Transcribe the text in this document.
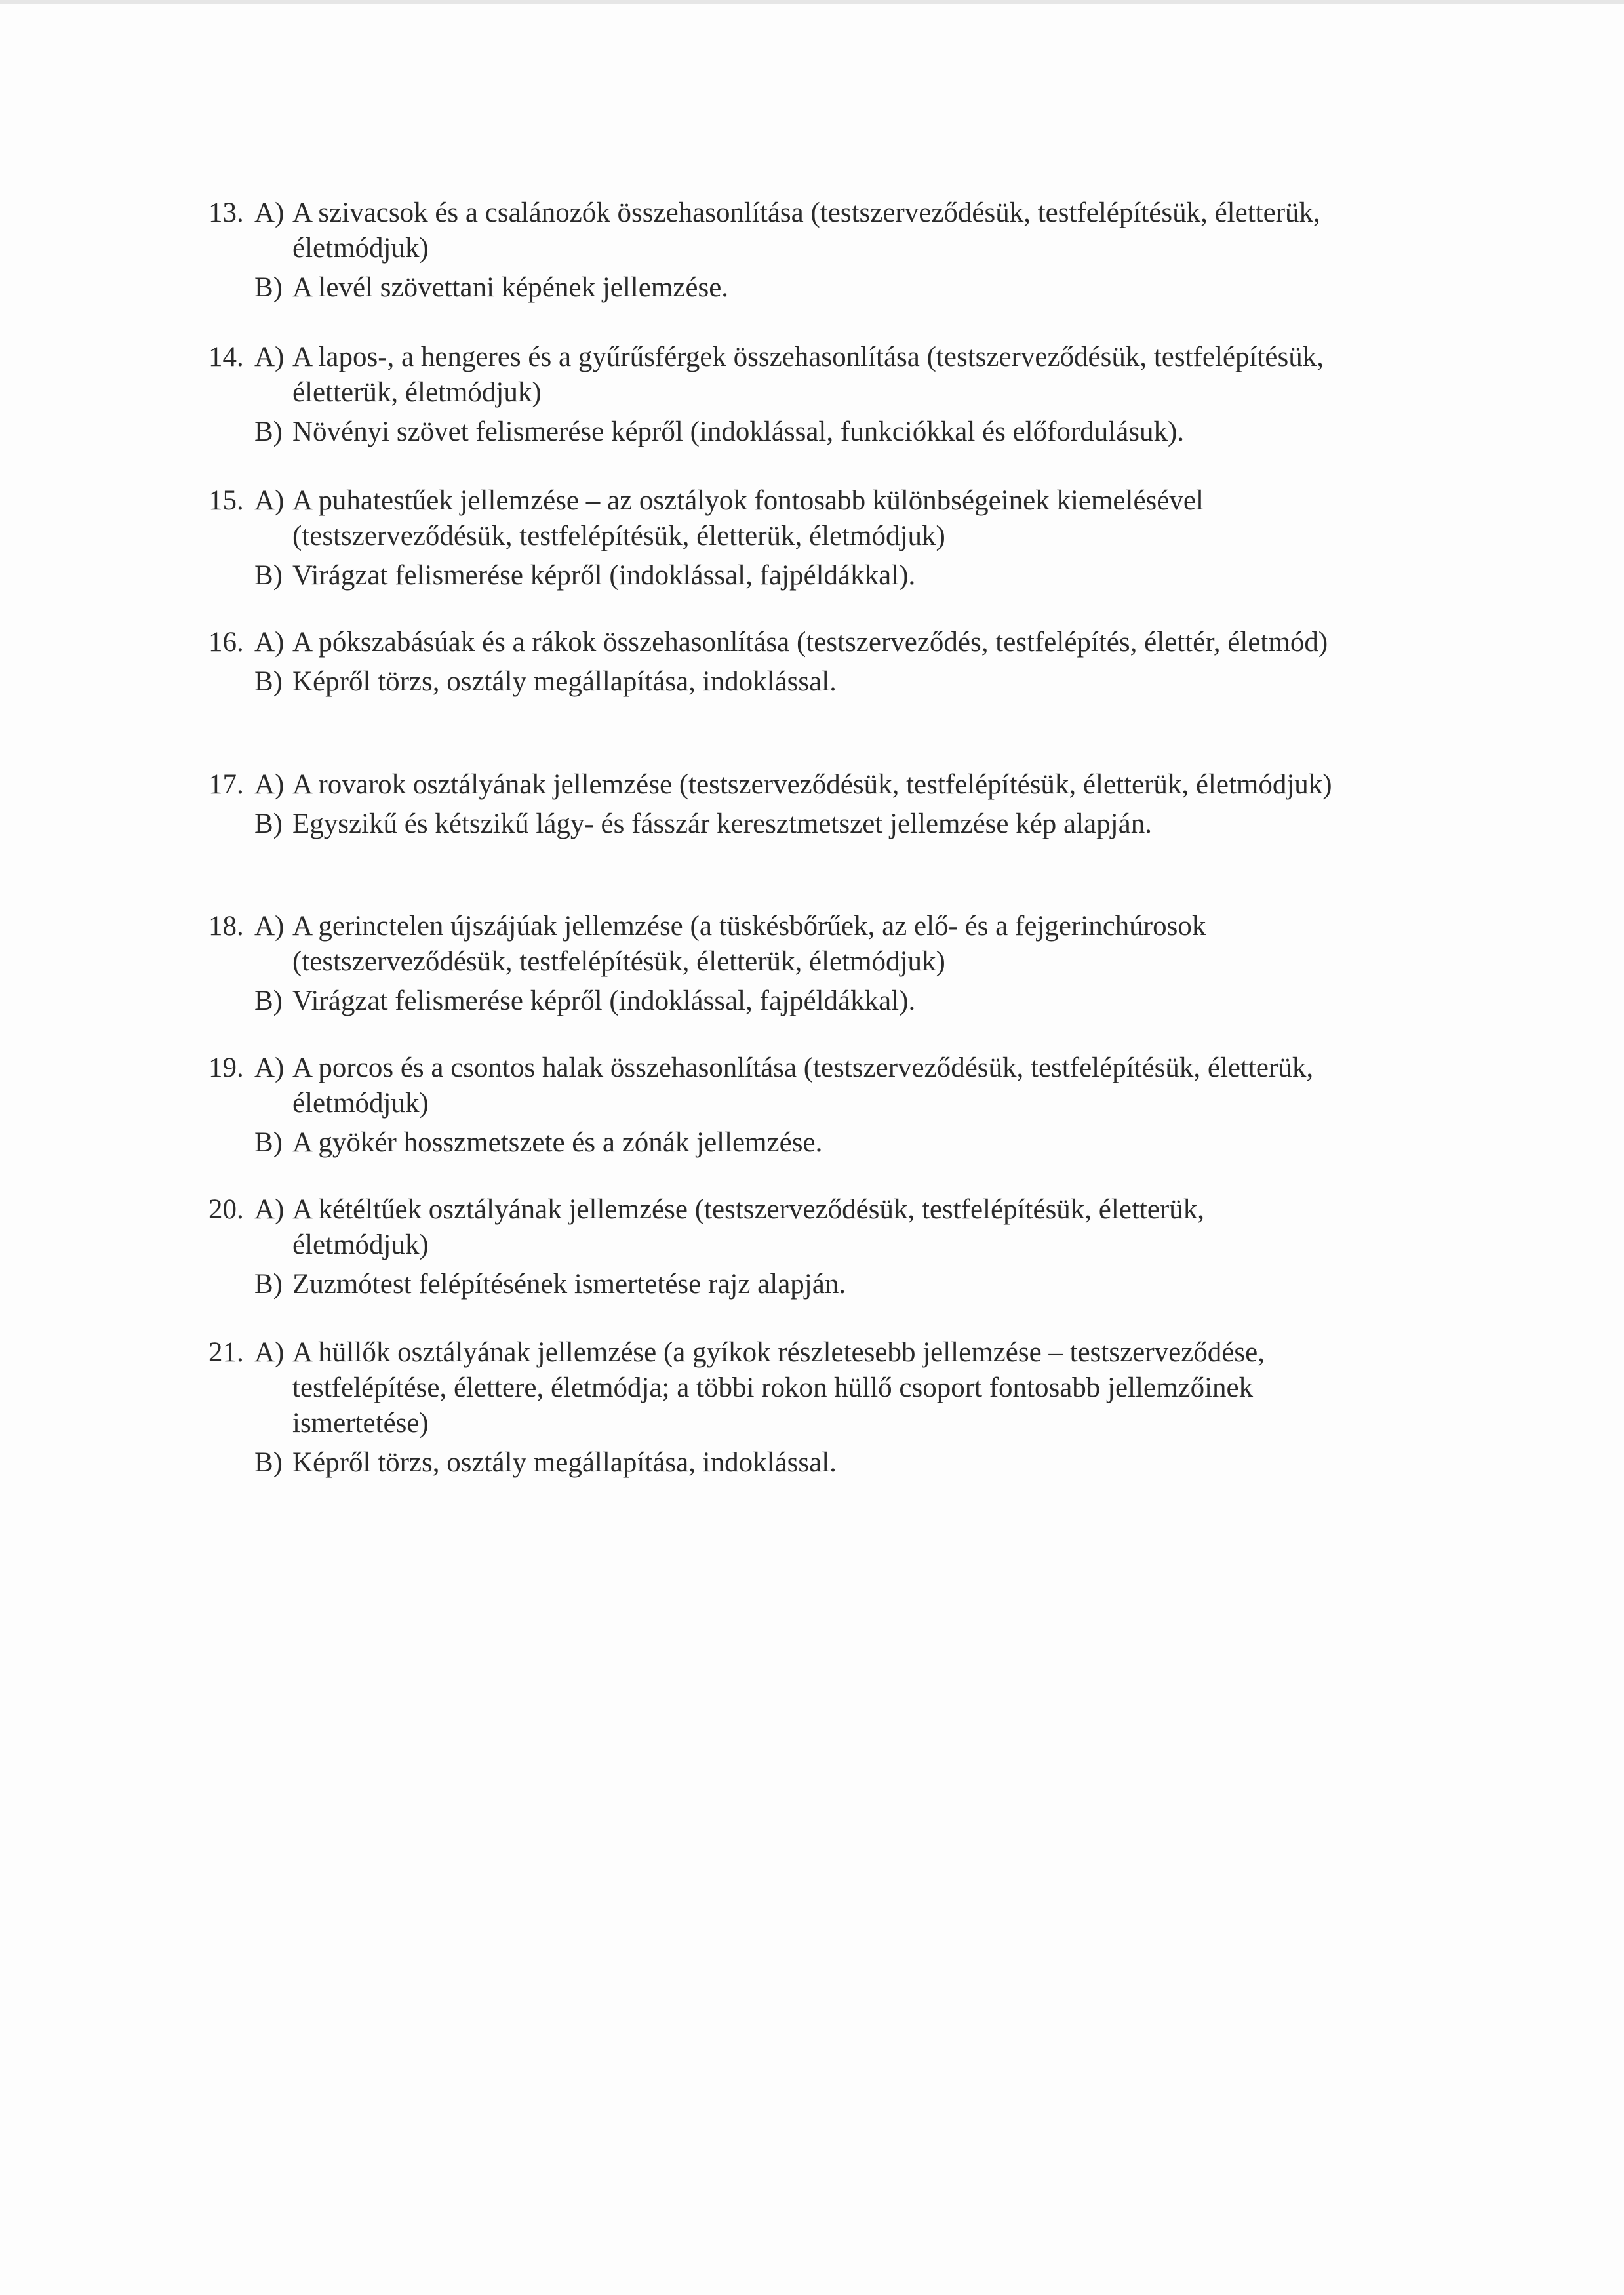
13. A) A szivacsok és a csalánozók összehasonlítása (testszerveződésük, testfelépítésük, életterük, életmódjuk)
B) A levél szövettani képének jellemzése.
14. A) A lapos-, a hengeres és a gyűrűsférgek összehasonlítása (testszerveződésük, testfelépítésük, életterük, életmódjuk)
B) Növényi szövet felismerése képről (indoklással, funkciókkal és előfordulásuk).
15. A) A puhatestűek jellemzése – az osztályok fontosabb különbségeinek kiemelésével (testszerveződésük, testfelépítésük, életterük, életmódjuk)
B) Virágzat felismerése képről (indoklással, fajpéldákkal).
16. A) A pókszabásúak és a rákok összehasonlítása (testszerveződés, testfelépítés, élettér, életmód)
B) Képről törzs, osztály megállapítása, indoklással.
17. A) A rovarok osztályának jellemzése (testszerveződésük, testfelépítésük, életterük, életmódjuk)
B) Egyszikű és kétszikű lágy- és fásszár keresztmetszet jellemzése kép alapján.
18. A) A gerinctelen újszájúak jellemzése (a tüskésbőrűek, az elő- és a fejgerinchúrosok (testszerveződésük, testfelépítésük, életterük, életmódjuk)
B) Virágzat felismerése képről (indoklással, fajpéldákkal).
19. A) A porcos és a csontos halak összehasonlítása (testszerveződésük, testfelépítésük, életterük, életmódjuk)
B) A gyökér hosszmetszete és a zónák jellemzése.
20. A) A kétéltűek osztályának jellemzése (testszerveződésük, testfelépítésük, életterük, életmódjuk)
B) Zuzmótest felépítésének ismertetése rajz alapján.
21. A) A hüllők osztályának jellemzése (a gyíkok részletesebb jellemzése – testszerveződése, testfelépítése, élettere, életmódja; a többi rokon hüllő csoport fontosabb jellemzőinek ismertetése)
B) Képről törzs, osztály megállapítása, indoklással.
